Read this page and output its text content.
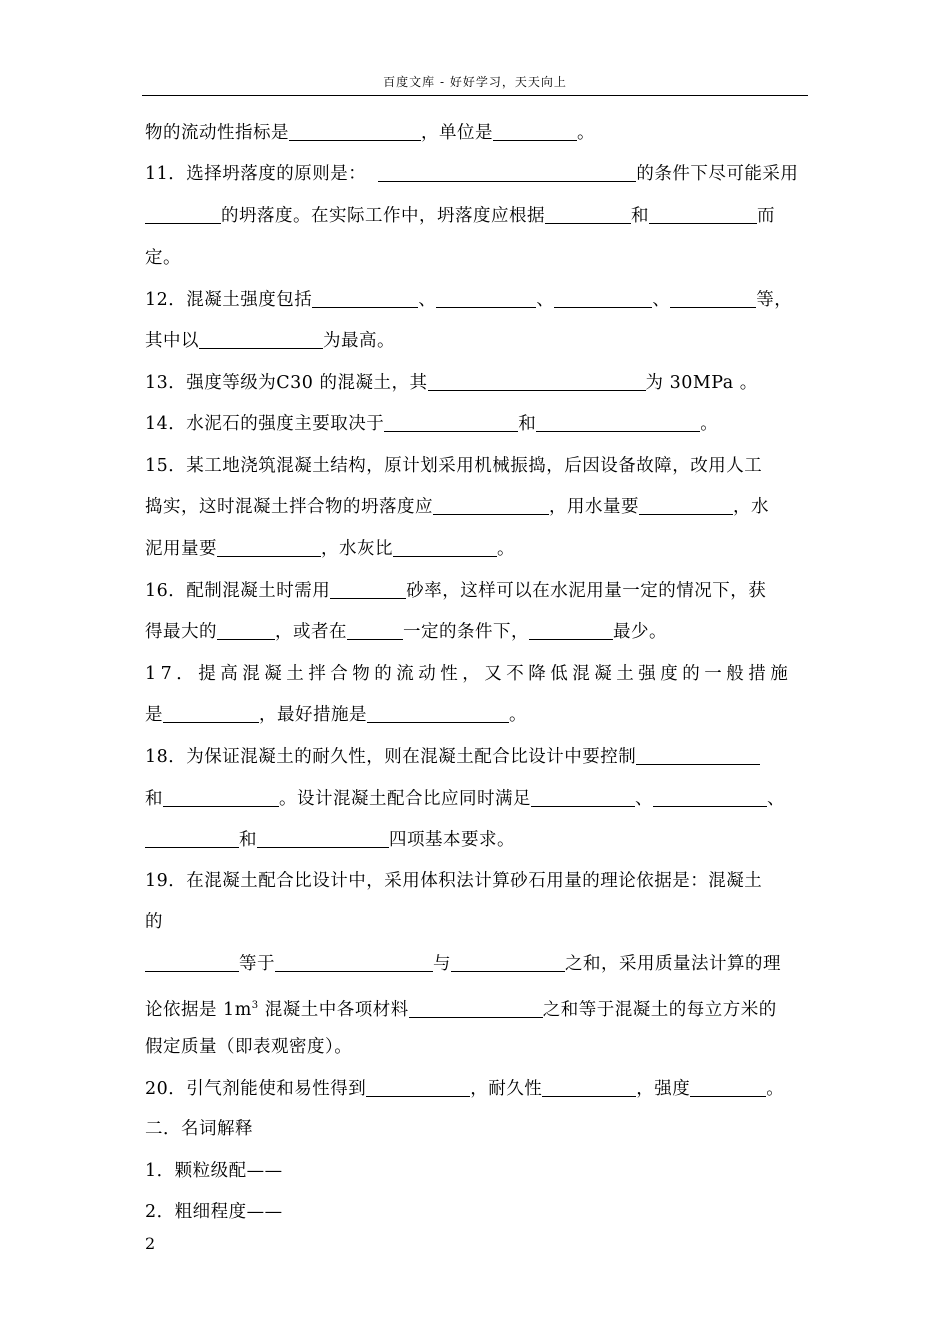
百度文库 - 好好学习，天天向上
物的流动性指标是	，单位是	。
11．选择坍落度的原则是：	的条件下尽可能采用
的坍落度。在实际工作中，坍落度应根据	和	而
定。
12．混凝土强度包括	、	、	、	等，
其中以	为最高。
13．强度等级为C30 的混凝土，其	为 30MPa 。
14．水泥石的强度主要取决于	和	。
15．某工地浇筑混凝土结构，原计划采用机械振捣，后因设备故障，改用人工
捣实，这时混凝土拌合物的坍落度应	，用水量要	，水
泥用量要	，水灰比	。
16．配制混凝土时需用	砂率，这样可以在水泥用量一定的情况下，获
得最大的	，或者在	一定的条件下，	最少。
17．提高混凝土拌合物的流动性，又不降低混凝土强度的一般措施
是	，最好措施是	。
18．为保证混凝土的耐久性，则在混凝土配合比设计中要控制
和	。设计混凝土配合比应同时满足	、	、
和	四项基本要求。
19．在混凝土配合比设计中，采用体积法计算砂石用量的理论依据是：混凝土
的
等于	与	之和，采用质量法计算的理
论依据是 $1m^3$ 混凝土中各项材料	之和等于混凝土的每立方米的
假定质量（即表观密度）。
20．引气剂能使和易性得到	，耐久性	，强度	。
二．名词解释
1．颗粒级配——
2．粗细程度——
2
